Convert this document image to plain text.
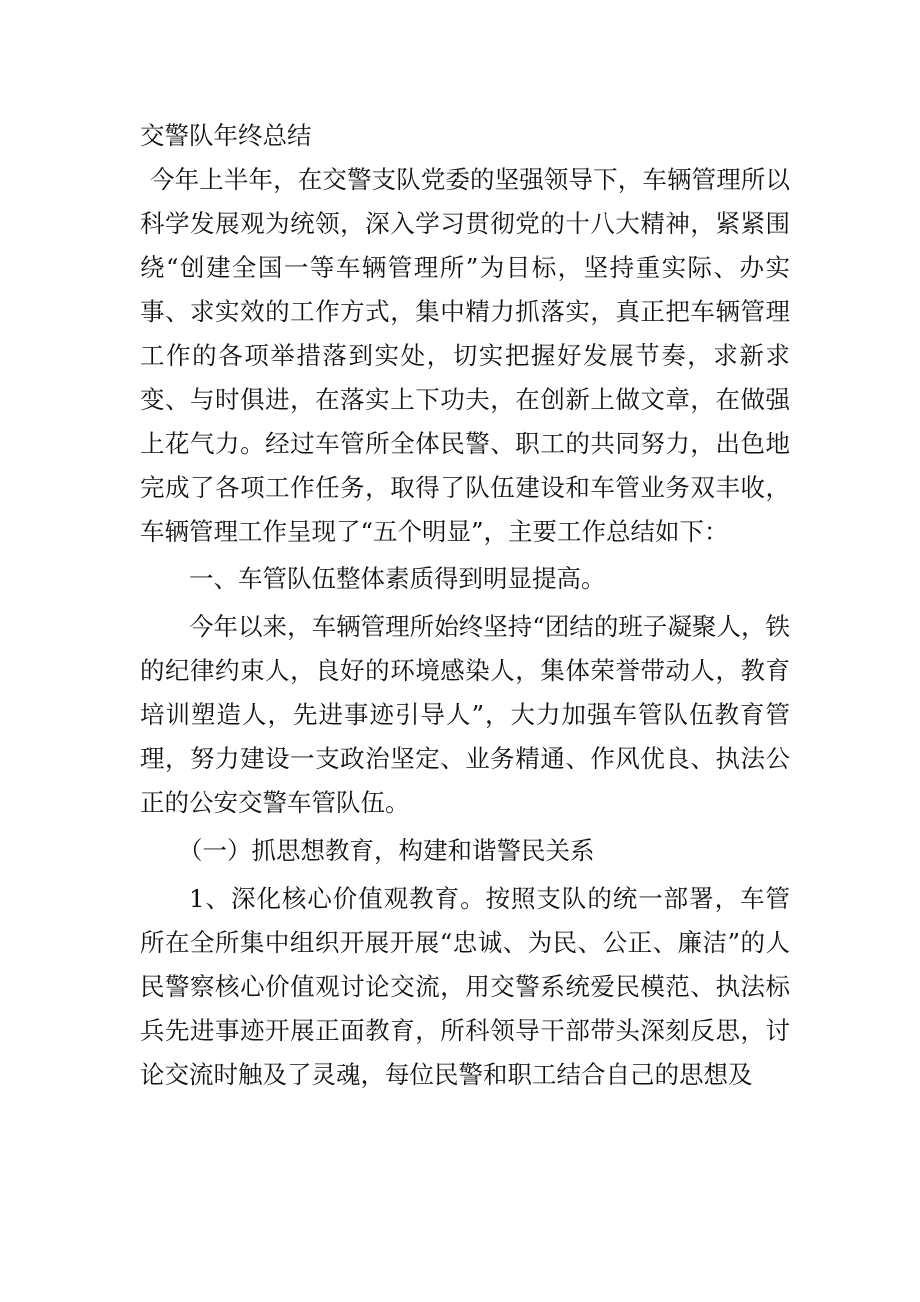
交警队年终总结

今年上半年，在交警支队党委的坚强领导下，车辆管理所以科学发展观为统领，深入学习贯彻党的十八大精神，紧紧围绕“创建全国一等车辆管理所”为目标，坚持重实际、办实事、求实效的工作方式，集中精力抓落实，真正把车辆管理工作的各项举措落到实处，切实把握好发展节奏，求新求变、与时俱进，在落实上下功夫，在创新上做文章，在做强上花气力。经过车管所全体民警、职工的共同努力，出色地完成了各项工作任务，取得了队伍建设和车管业务双丰收，车辆管理工作呈现了“五个明显”，主要工作总结如下：

一、车管队伍整体素质得到明显提高。

今年以来，车辆管理所始终坚持“团结的班子凝聚人，铁的纪律约束人，良好的环境感染人，集体荣誉带动人，教育培训塑造人，先进事迹引导人”，大力加强车管队伍教育管理，努力建设一支政治坚定、业务精通、作风优良、执法公正的公安交警车管队伍。

（一）抓思想教育，构建和谐警民关系

1、深化核心价值观教育。按照支队的统一部署，车管所在全所集中组织开展开展“忠诚、为民、公正、廉洁”的人民警察核心价值观讨论交流，用交警系统爱民模范、执法标兵先进事迹开展正面教育，所科领导干部带头深刻反思，讨论交流时触及了灵魂，每位民警和职工结合自己的思想及
